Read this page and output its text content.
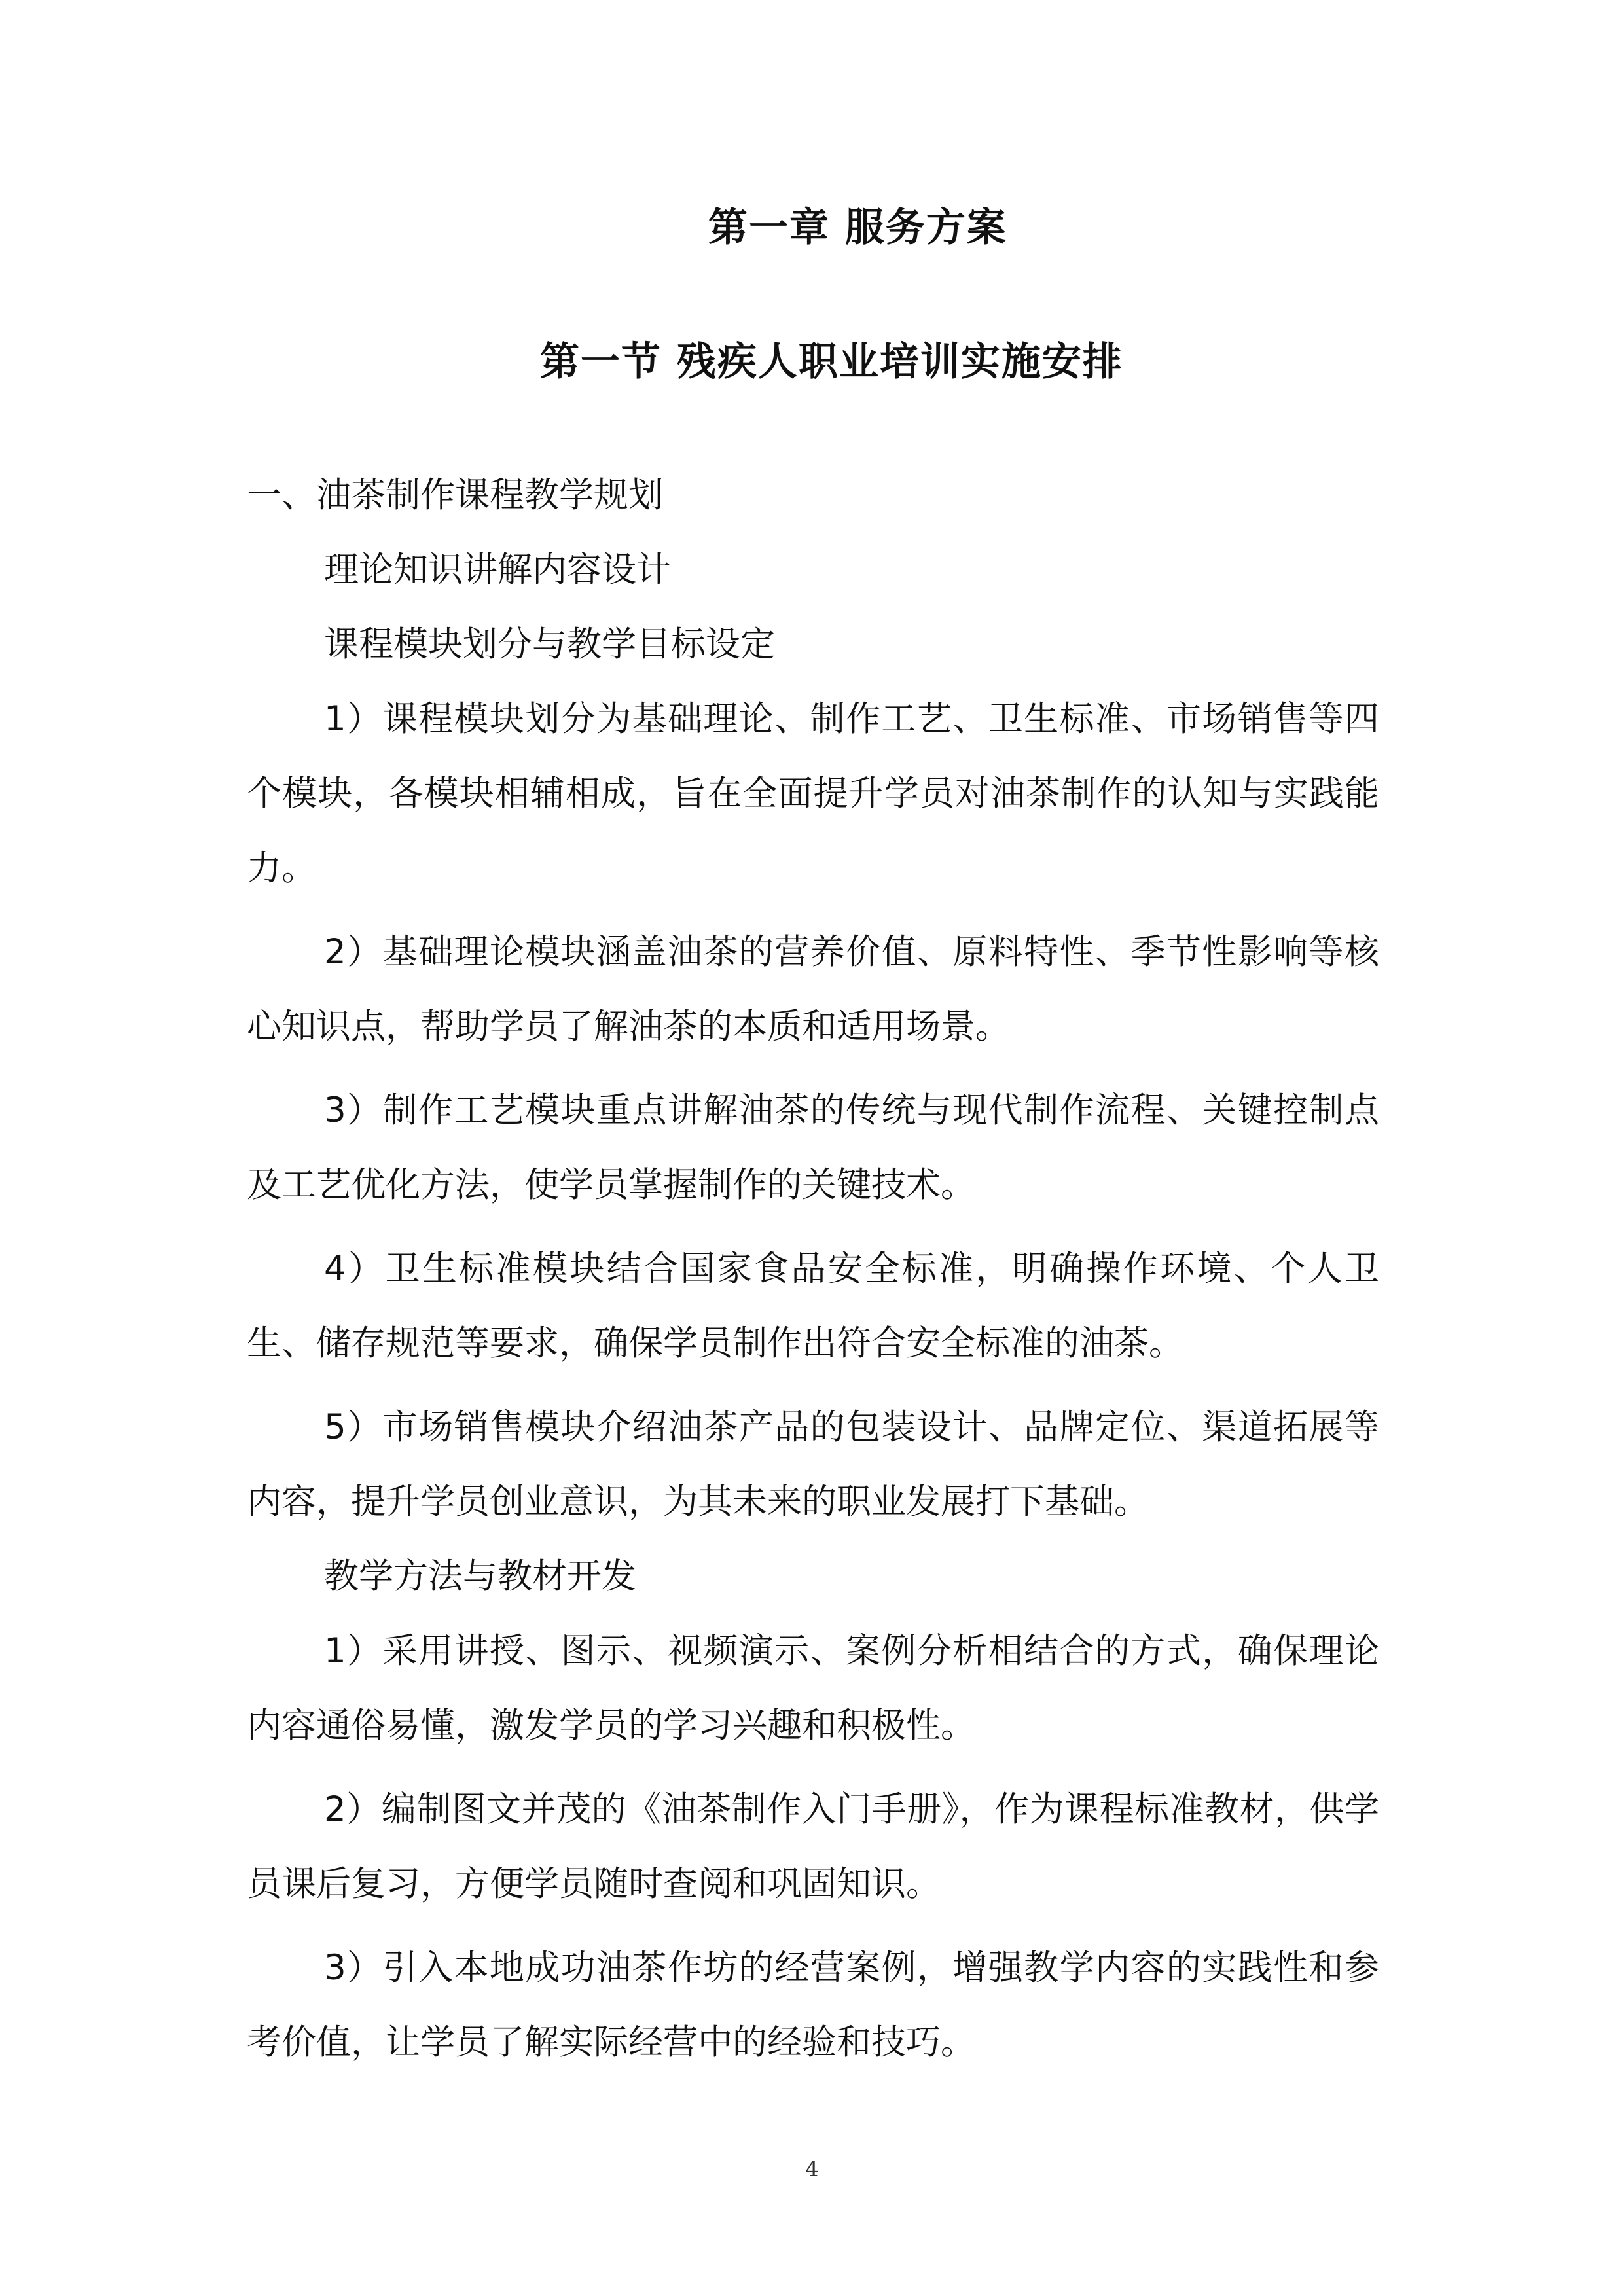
第一章 服务方案
第一节 残疾人职业培训实施安排

一、油茶制作课程教学规划

理论知识讲解内容设计

课程模块划分与教学目标设定

1）课程模块划分为基础理论、制作工艺、卫生标准、市场销售等四个模块，各模块相辅相成，旨在全面提升学员对油茶制作的认知与实践能力。

2）基础理论模块涵盖油茶的营养价值、原料特性、季节性影响等核心知识点，帮助学员了解油茶的本质和适用场景。

3）制作工艺模块重点讲解油茶的传统与现代制作流程、关键控制点及工艺优化方法，使学员掌握制作的关键技术。

4）卫生标准模块结合国家食品安全标准，明确操作环境、个人卫生、储存规范等要求，确保学员制作出符合安全标准的油茶。

5）市场销售模块介绍油茶产品的包装设计、品牌定位、渠道拓展等内容，提升学员创业意识，为其未来的职业发展打下基础。

教学方法与教材开发

1）采用讲授、图示、视频演示、案例分析相结合的方式，确保理论内容通俗易懂，激发学员的学习兴趣和积极性。

2）编制图文并茂的《油茶制作入门手册》，作为课程标准教材，供学员课后复习，方便学员随时查阅和巩固知识。

3）引入本地成功油茶作坊的经营案例，增强教学内容的实践性和参考价值，让学员了解实际经营中的经验和技巧。

4
